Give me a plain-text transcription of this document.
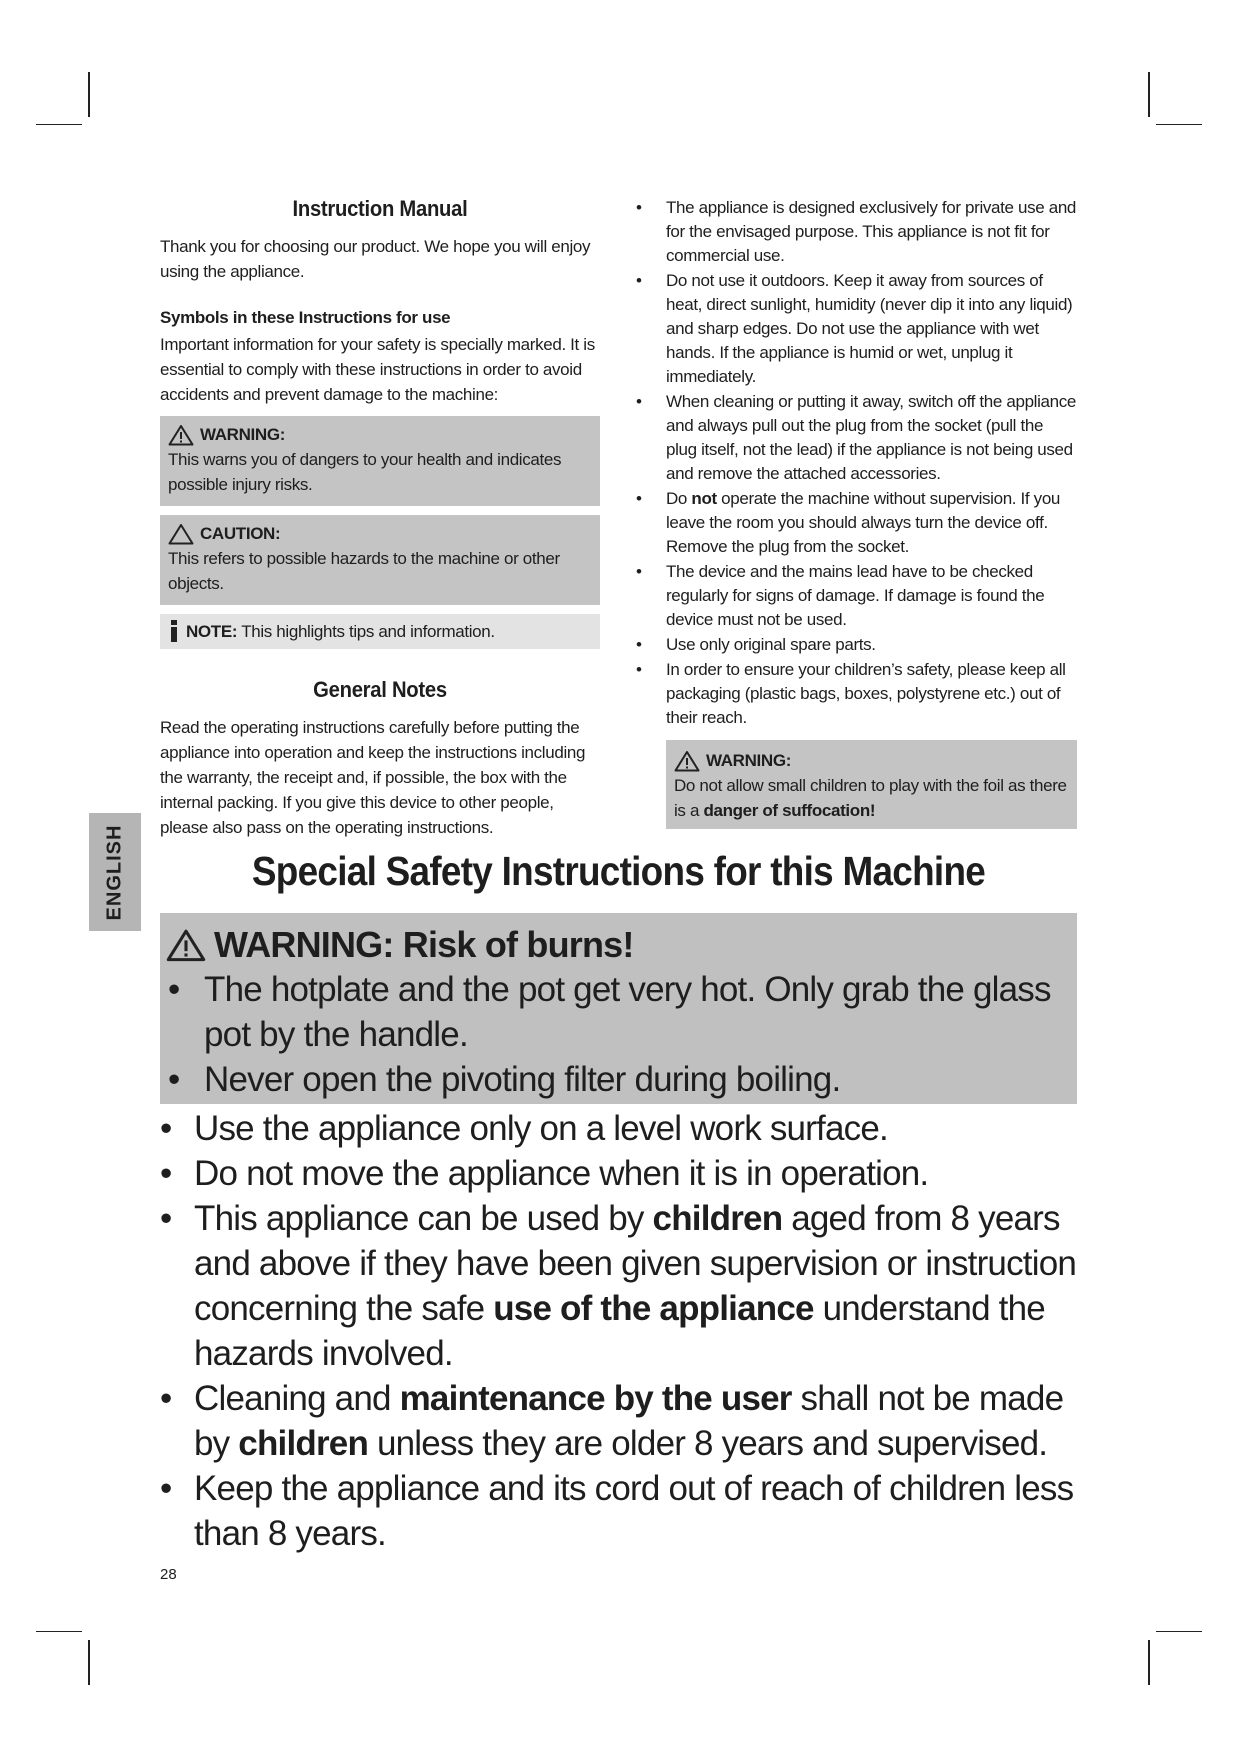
Instruction Manual

Thank you for choosing our product. We hope you will enjoy using the appliance.

Symbols in these Instructions for use

Important information for your safety is specially marked. It is essential to comply with these instructions in order to avoid accidents and prevent damage to the machine:

WARNING:
This warns you of dangers to your health and indicates possible injury risks.
CAUTION:
This refers to possible hazards to the machine or other objects.
NOTE: This highlights tips and information.
General Notes

Read the operating instructions carefully before putting the appliance into operation and keep the instructions including the warranty, the receipt and, if possible, the box with the internal packing. If you give this device to other people, please also pass on the operating instructions.

•	The appliance is designed exclusively for private use and for the envisaged purpose. This appliance is not fit for commercial use.
•	Do not use it outdoors. Keep it away from sources of heat, direct sunlight, humidity (never dip it into any liquid) and sharp edges. Do not use the appliance with wet hands. If the appliance is humid or wet, unplug it immediately.
•	When cleaning or putting it away, switch off the appliance and always pull out the plug from the socket (pull the plug itself, not the lead) if the appliance is not being used and remove the attached accessories.
•	Do not operate the machine without supervision. If you leave the room you should always turn the device off. Remove the plug from the socket.
•	The device and the mains lead have to be checked regularly for signs of damage. If damage is found the device must not be used.
•	Use only original spare parts.
•	In order to ensure your children’s safety, please keep all packaging (plastic bags, boxes, polystyrene etc.) out of their reach.
WARNING:
Do not allow small children to play with the foil as there is a danger of suffocation!
ENGLISH	Special Safety Instructions for this Machine
WARNING: Risk of burns!
• The hotplate and the pot get very hot. Only grab the glass pot by the handle.
• Never open the pivoting filter during boiling.
• Use the appliance only on a level work surface.
• Do not move the appliance when it is in operation.
• This appliance can be used by children aged from 8 years and above if they have been given supervision or instruction concerning the safe use of the appliance understand the hazards involved.
• Cleaning and maintenance by the user shall not be made by children unless they are older 8 years and supervised.
• Keep the appliance and its cord out of reach of children less than 8 years.
28
